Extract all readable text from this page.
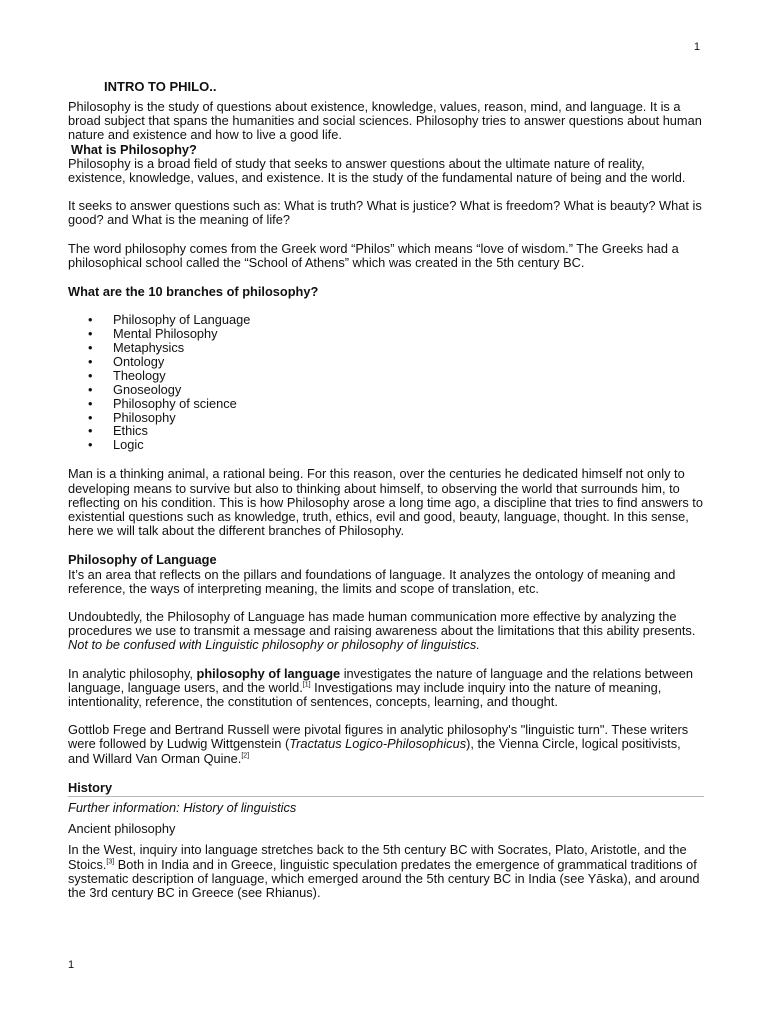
1
INTRO TO PHILO..

Philosophy is the study of questions about existence, knowledge, values, reason, mind, and language. It is a broad subject that spans the humanities and social sciences. Philosophy tries to answer questions about human nature and existence and how to live a good life.

What is Philosophy?

Philosophy is a broad field of study that seeks to answer questions about the ultimate nature of reality, existence, knowledge, values, and existence. It is the study of the fundamental nature of being and the world.

It seeks to answer questions such as: What is truth? What is justice? What is freedom? What is beauty? What is good? and What is the meaning of life?

The word philosophy comes from the Greek word “Philos” which means “love of wisdom.” The Greeks had a philosophical school called the “School of Athens” which was created in the 5th century BC.

What are the 10 branches of philosophy?

• Philosophy of Language
• Mental Philosophy
• Metaphysics
• Ontology
• Theology
• Gnoseology
• Philosophy of science
• Philosophy
• Ethics
• Logic

Man is a thinking animal, a rational being. For this reason, over the centuries he dedicated himself not only to developing means to survive but also to thinking about himself, to observing the world that surrounds him, to reflecting on his condition. This is how Philosophy arose a long time ago, a discipline that tries to find answers to existential questions such as knowledge, truth, ethics, evil and good, beauty, language, thought. In this sense, here we will talk about the different branches of Philosophy.

Philosophy of Language

It’s an area that reflects on the pillars and foundations of language. It analyzes the ontology of meaning and reference, the ways of interpreting meaning, the limits and scope of translation, etc.

Undoubtedly, the Philosophy of Language has made human communication more effective by analyzing the procedures we use to transmit a message and raising awareness about the limitations that this ability presents. Not to be confused with Linguistic philosophy or philosophy of linguistics.

In analytic philosophy, philosophy of language investigates the nature of language and the relations between language, language users, and the world.[1] Investigations may include inquiry into the nature of meaning, intentionality, reference, the constitution of sentences, concepts, learning, and thought.

Gottlob Frege and Bertrand Russell were pivotal figures in analytic philosophy's "linguistic turn". These writers were followed by Ludwig Wittgenstein (Tractatus Logico-Philosophicus), the Vienna Circle, logical positivists, and Willard Van Orman Quine.[2]

History

Further information: History of linguistics

Ancient philosophy

In the West, inquiry into language stretches back to the 5th century BC with Socrates, Plato, Aristotle, and the Stoics.[3] Both in India and in Greece, linguistic speculation predates the emergence of grammatical traditions of systematic description of language, which emerged around the 5th century BC in India (see Yāska), and around the 3rd century BC in Greece (see Rhianus).

1
